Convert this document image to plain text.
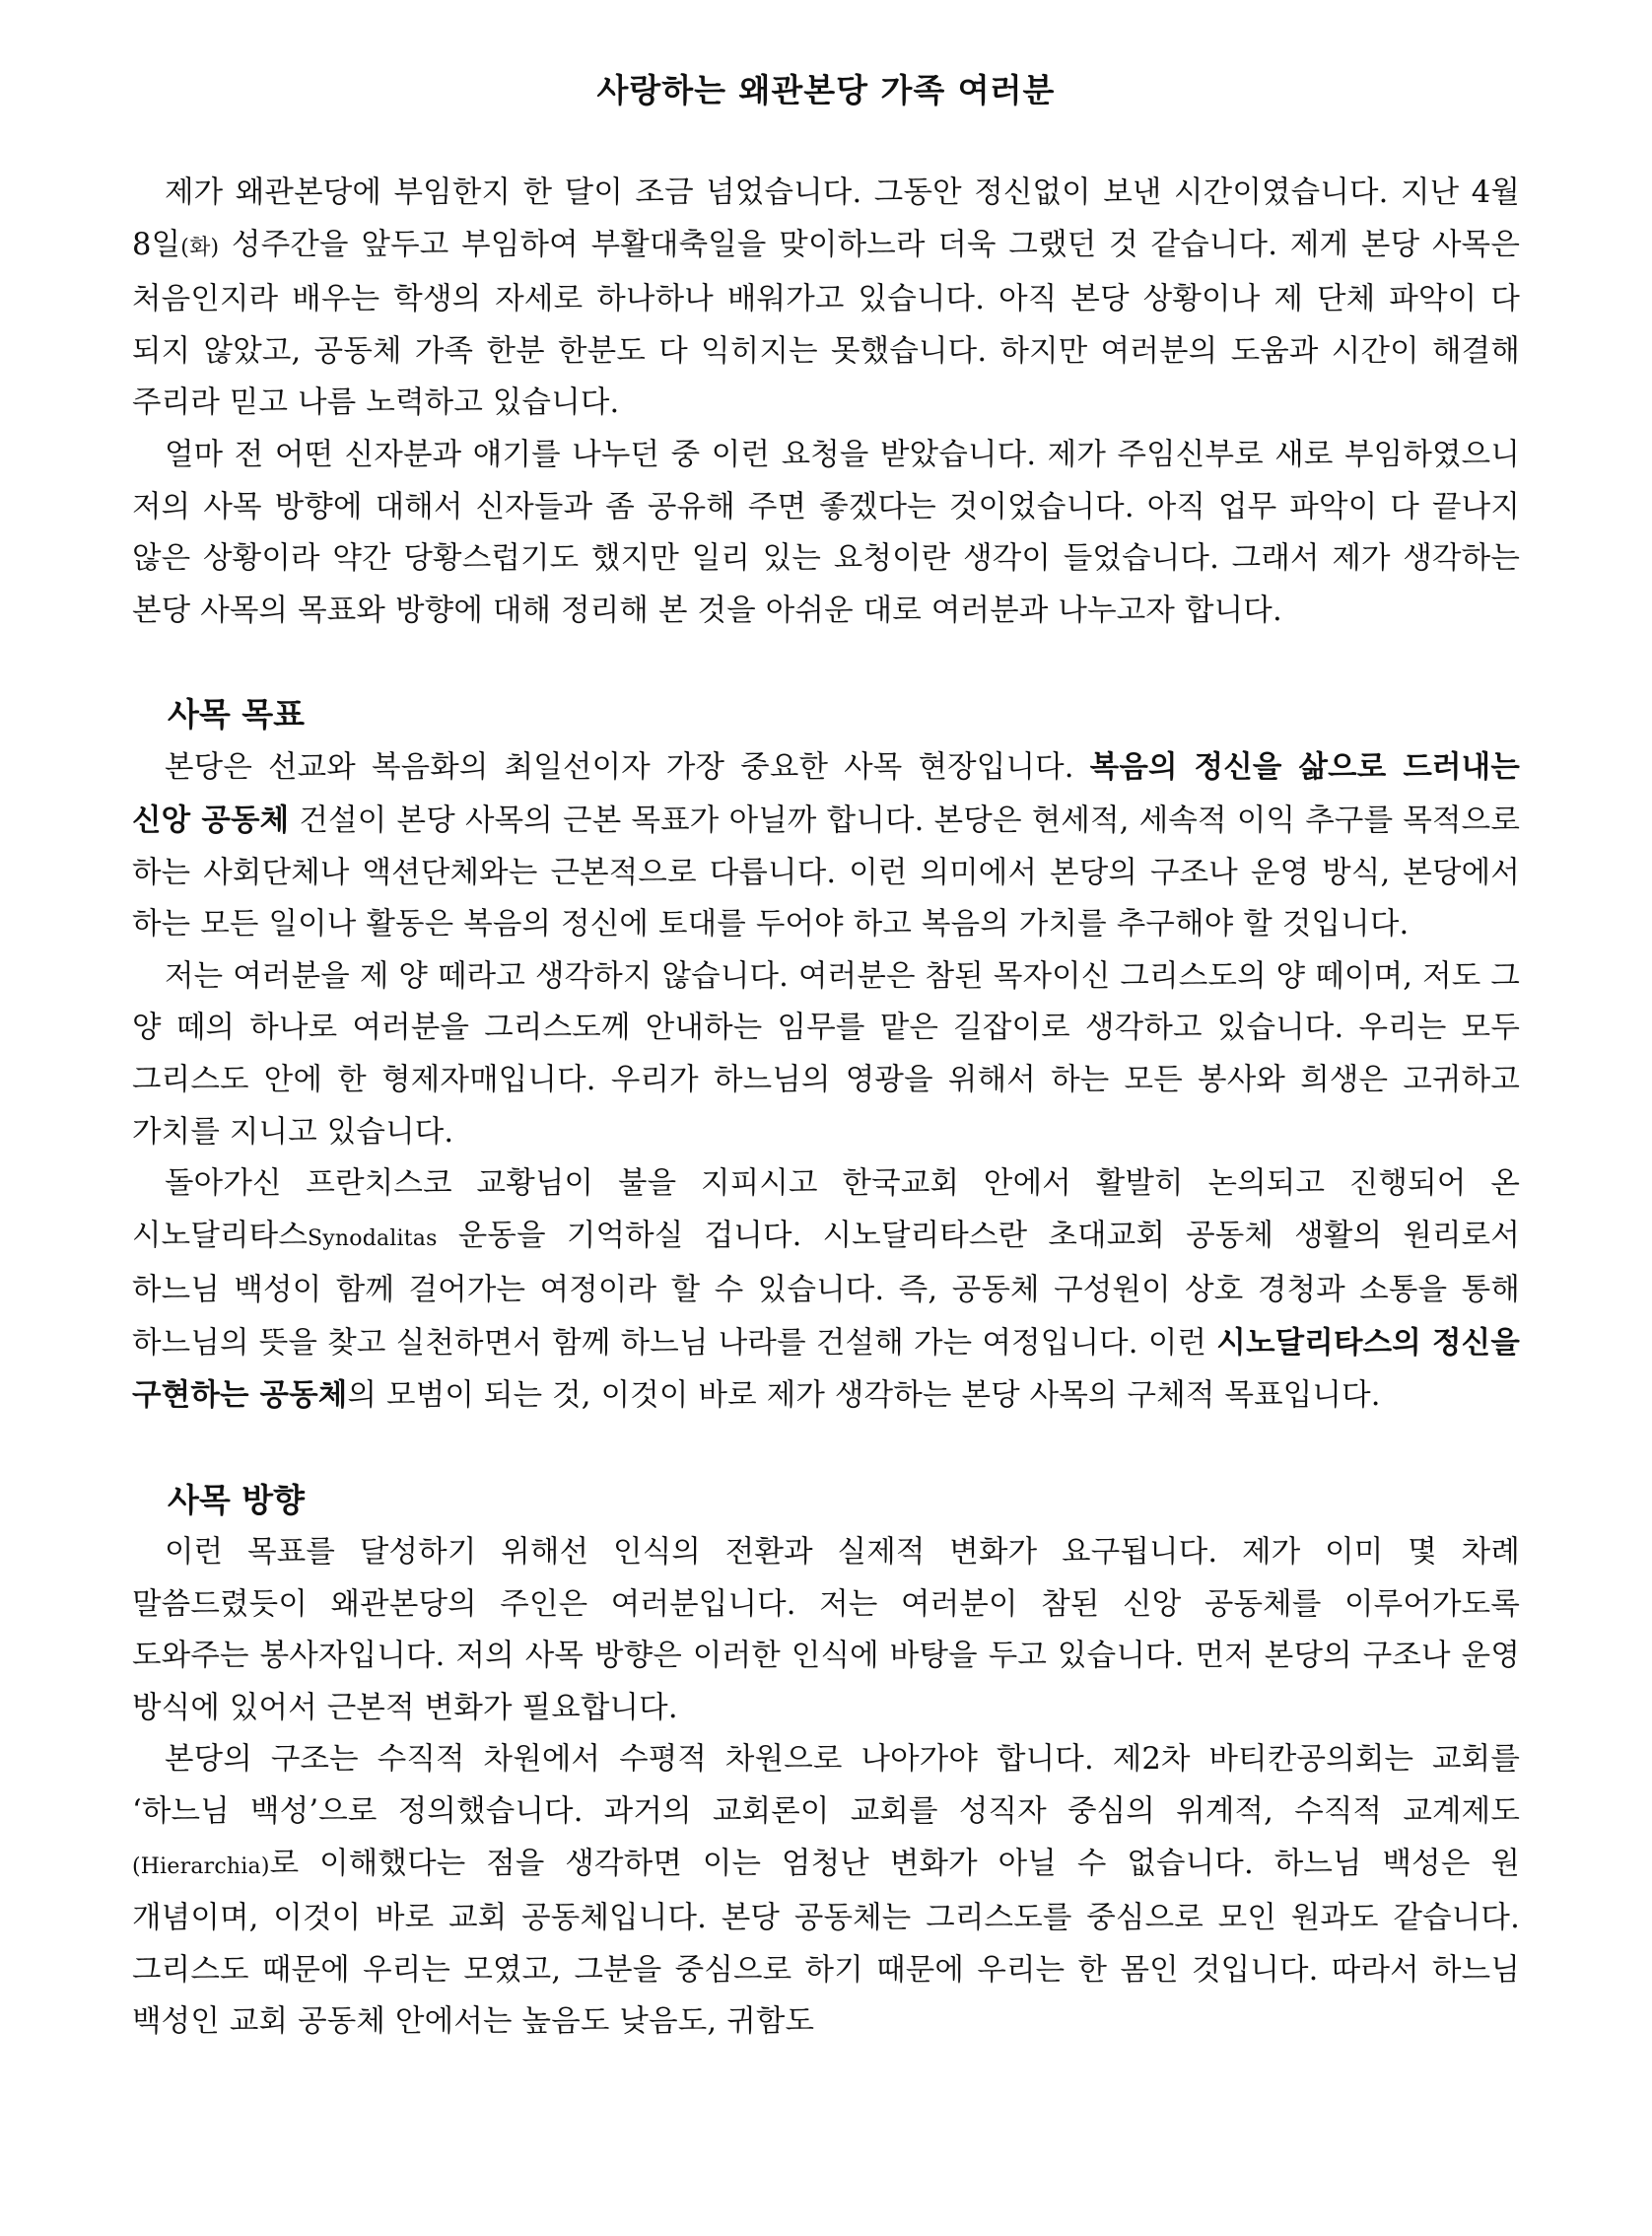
사랑하는 왜관본당 가족 여러분

제가 왜관본당에 부임한지 한 달이 조금 넘었습니다. 그동안 정신없이 보낸 시간이였습니다. 지난 4월 8일(화) 성주간을 앞두고 부임하여 부활대축일을 맞이하느라 더욱 그랬던 것 같습니다. 제게 본당 사목은 처음인지라 배우는 학생의 자세로 하나하나 배워가고 있습니다. 아직 본당 상황이나 제 단체 파악이 다 되지 않았고, 공동체 가족 한분 한분도 다 익히지는 못했습니다. 하지만 여러분의 도움과 시간이 해결해 주리라 믿고 나름 노력하고 있습니다.

얼마 전 어떤 신자분과 얘기를 나누던 중 이런 요청을 받았습니다. 제가 주임신부로 새로 부임하였으니 저의 사목 방향에 대해서 신자들과 좀 공유해 주면 좋겠다는 것이었습니다. 아직 업무 파악이 다 끝나지 않은 상황이라 약간 당황스럽기도 했지만 일리 있는 요청이란 생각이 들었습니다. 그래서 제가 생각하는 본당 사목의 목표와 방향에 대해 정리해 본 것을 아쉬운 대로 여러분과 나누고자 합니다.

사목 목표

본당은 선교와 복음화의 최일선이자 가장 중요한 사목 현장입니다. 복음의 정신을 삶으로 드러내는 신앙 공동체 건설이 본당 사목의 근본 목표가 아닐까 합니다. 본당은 현세적, 세속적 이익 추구를 목적으로 하는 사회단체나 액션단체와는 근본적으로 다릅니다. 이런 의미에서 본당의 구조나 운영 방식, 본당에서 하는 모든 일이나 활동은 복음의 정신에 토대를 두어야 하고 복음의 가치를 추구해야 할 것입니다.

저는 여러분을 제 양 떼라고 생각하지 않습니다. 여러분은 참된 목자이신 그리스도의 양 떼이며, 저도 그 양 떼의 하나로 여러분을 그리스도께 안내하는 임무를 맡은 길잡이로 생각하고 있습니다. 우리는 모두 그리스도 안에 한 형제자매입니다. 우리가 하느님의 영광을 위해서 하는 모든 봉사와 희생은 고귀하고 가치를 지니고 있습니다.

돌아가신 프란치스코 교황님이 불을 지피시고 한국교회 안에서 활발히 논의되고 진행되어 온 시노달리타스Synodalitas 운동을 기억하실 겁니다. 시노달리타스란 초대교회 공동체 생활의 원리로서 하느님 백성이 함께 걸어가는 여정이라 할 수 있습니다. 즉, 공동체 구성원이 상호 경청과 소통을 통해 하느님의 뜻을 찾고 실천하면서 함께 하느님 나라를 건설해 가는 여정입니다. 이런 시노달리타스의 정신을 구현하는 공동체의 모범이 되는 것, 이것이 바로 제가 생각하는 본당 사목의 구체적 목표입니다.

사목 방향

이런 목표를 달성하기 위해선 인식의 전환과 실제적 변화가 요구됩니다. 제가 이미 몇 차례 말씀드렸듯이 왜관본당의 주인은 여러분입니다. 저는 여러분이 참된 신앙 공동체를 이루어가도록 도와주는 봉사자입니다. 저의 사목 방향은 이러한 인식에 바탕을 두고 있습니다. 먼저 본당의 구조나 운영 방식에 있어서 근본적 변화가 필요합니다.

본당의 구조는 수직적 차원에서 수평적 차원으로 나아가야 합니다. 제2차 바티칸공의회는 교회를 ‘하느님 백성’으로 정의했습니다. 과거의 교회론이 교회를 성직자 중심의 위계적, 수직적 교계제도(Hierarchia)로 이해했다는 점을 생각하면 이는 엄청난 변화가 아닐 수 없습니다. 하느님 백성은 원 개념이며, 이것이 바로 교회 공동체입니다. 본당 공동체는 그리스도를 중심으로 모인 원과도 같습니다. 그리스도 때문에 우리는 모였고, 그분을 중심으로 하기 때문에 우리는 한 몸인 것입니다. 따라서 하느님 백성인 교회 공동체 안에서는 높음도 낮음도, 귀함도
